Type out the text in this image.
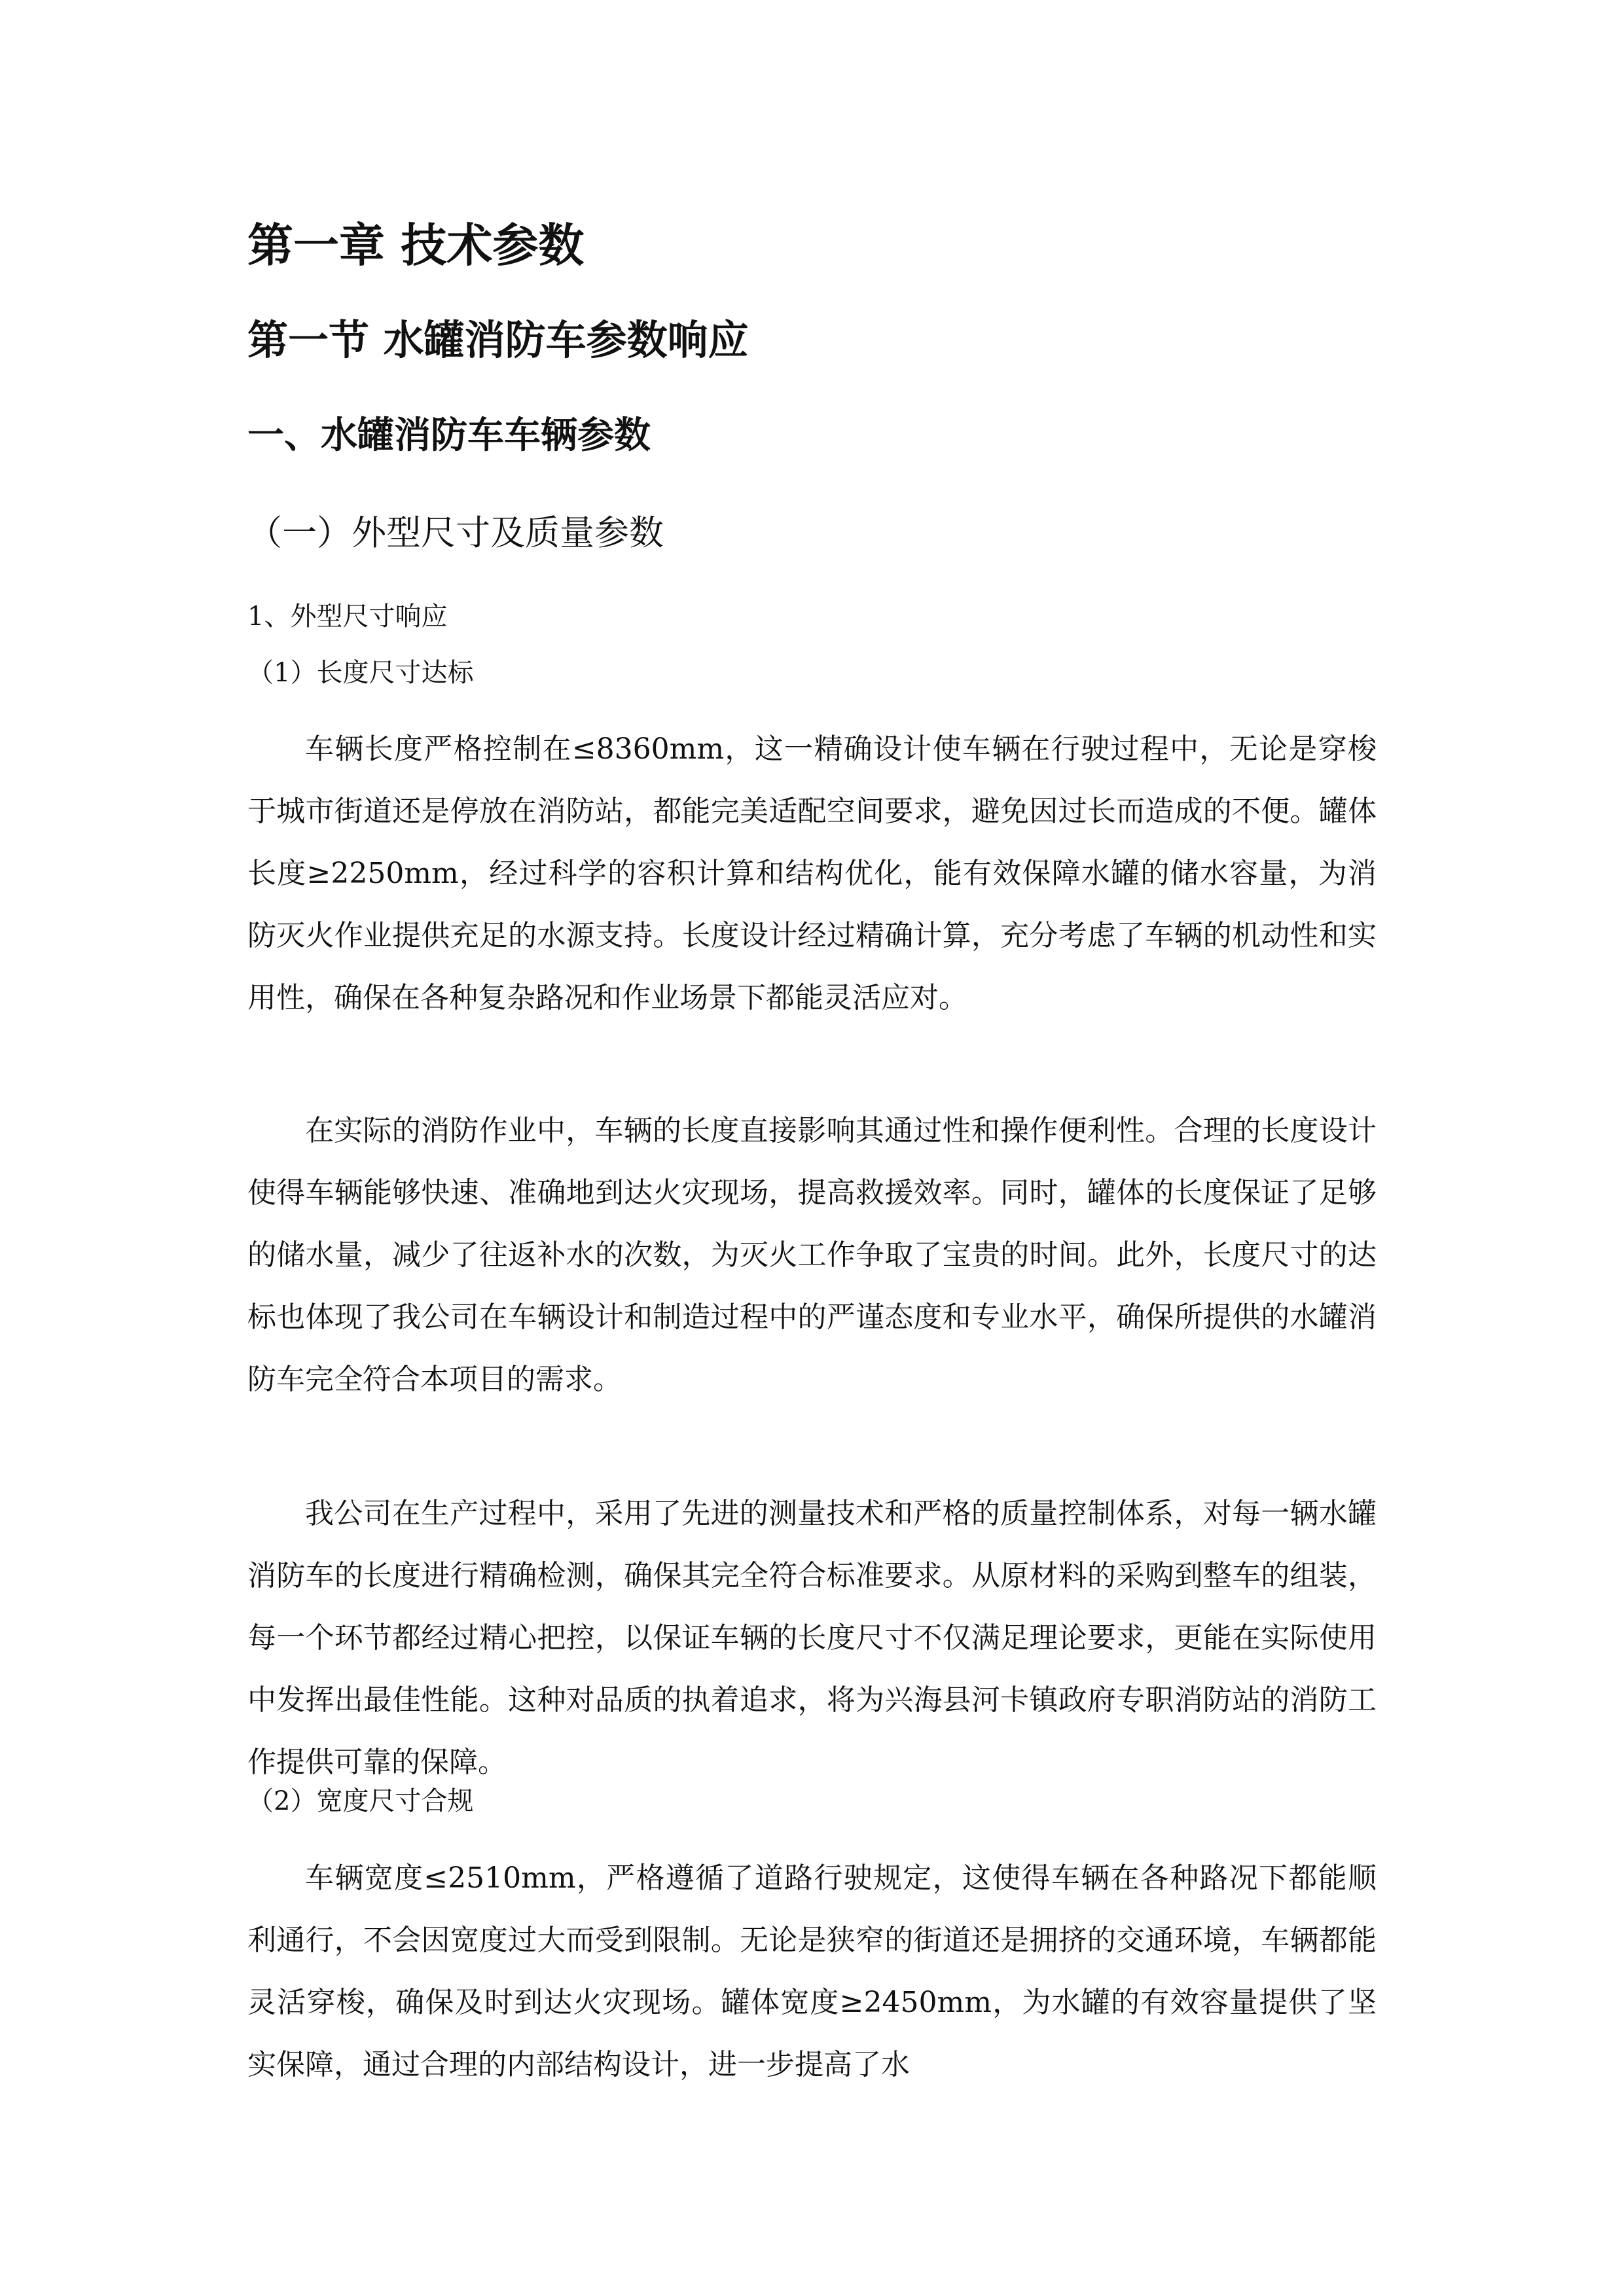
第一章 技术参数
第一节 水罐消防车参数响应
一、水罐消防车车辆参数
（一）外型尺寸及质量参数
1、外型尺寸响应
（1）长度尺寸达标

车辆长度严格控制在≤8360mm，这一精确设计使车辆在行驶过程中，无论是穿梭于城市街道还是停放在消防站，都能完美适配空间要求，避免因过长而造成的不便。罐体长度≥2250mm，经过科学的容积计算和结构优化，能有效保障水罐的储水容量，为消防灭火作业提供充足的水源支持。长度设计经过精确计算，充分考虑了车辆的机动性和实用性，确保在各种复杂路况和作业场景下都能灵活应对。

在实际的消防作业中，车辆的长度直接影响其通过性和操作便利性。合理的长度设计使得车辆能够快速、准确地到达火灾现场，提高救援效率。同时，罐体的长度保证了足够的储水量，减少了往返补水的次数，为灭火工作争取了宝贵的时间。此外，长度尺寸的达标也体现了我公司在车辆设计和制造过程中的严谨态度和专业水平，确保所提供的水罐消防车完全符合本项目的需求。

我公司在生产过程中，采用了先进的测量技术和严格的质量控制体系，对每一辆水罐消防车的长度进行精确检测，确保其完全符合标准要求。从原材料的采购到整车的组装，每一个环节都经过精心把控，以保证车辆的长度尺寸不仅满足理论要求，更能在实际使用中发挥出最佳性能。这种对品质的执着追求，将为兴海县河卡镇政府专职消防站的消防工作提供可靠的保障。

（2）宽度尺寸合规

车辆宽度≤2510mm，严格遵循了道路行驶规定，这使得车辆在各种路况下都能顺利通行，不会因宽度过大而受到限制。无论是狭窄的街道还是拥挤的交通环境，车辆都能灵活穿梭，确保及时到达火灾现场。罐体宽度≥2450mm，为水罐的有效容量提供了坚实保障，通过合理的内部结构设计，进一步提高了水
